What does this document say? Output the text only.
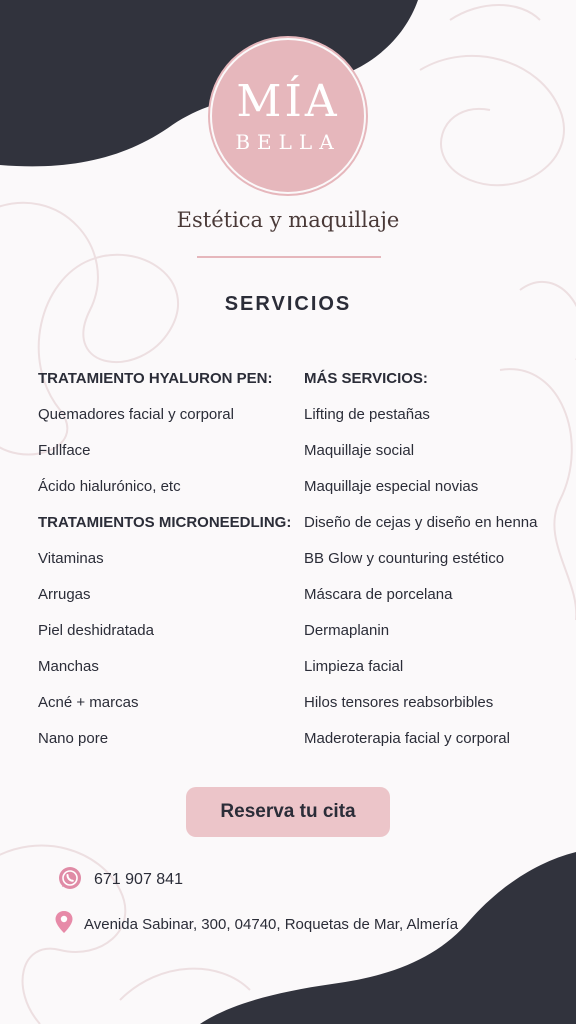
MÍA
BELLA
Estética y maquillaje
SERVICIOS
TRATAMIENTO HYALURON PEN:
Quemadores facial y corporal
Fullface
Ácido hialurónico, etc
TRATAMIENTOS MICRONEEDLING:
Vitaminas
Arrugas
Piel deshidratada
Manchas
Acné + marcas
Nano pore
MÁS SERVICIOS:
Lifting de pestañas
Maquillaje social
Maquillaje especial novias
Diseño de cejas y diseño en henna
BB Glow y counturing estético
Máscara de porcelana
Dermaplanin
Limpieza facial
Hilos tensores reabsorbibles
Maderoterapia facial y corporal
Reserva tu cita
671 907 841
Avenida Sabinar, 300, 04740, Roquetas de Mar, Almería
